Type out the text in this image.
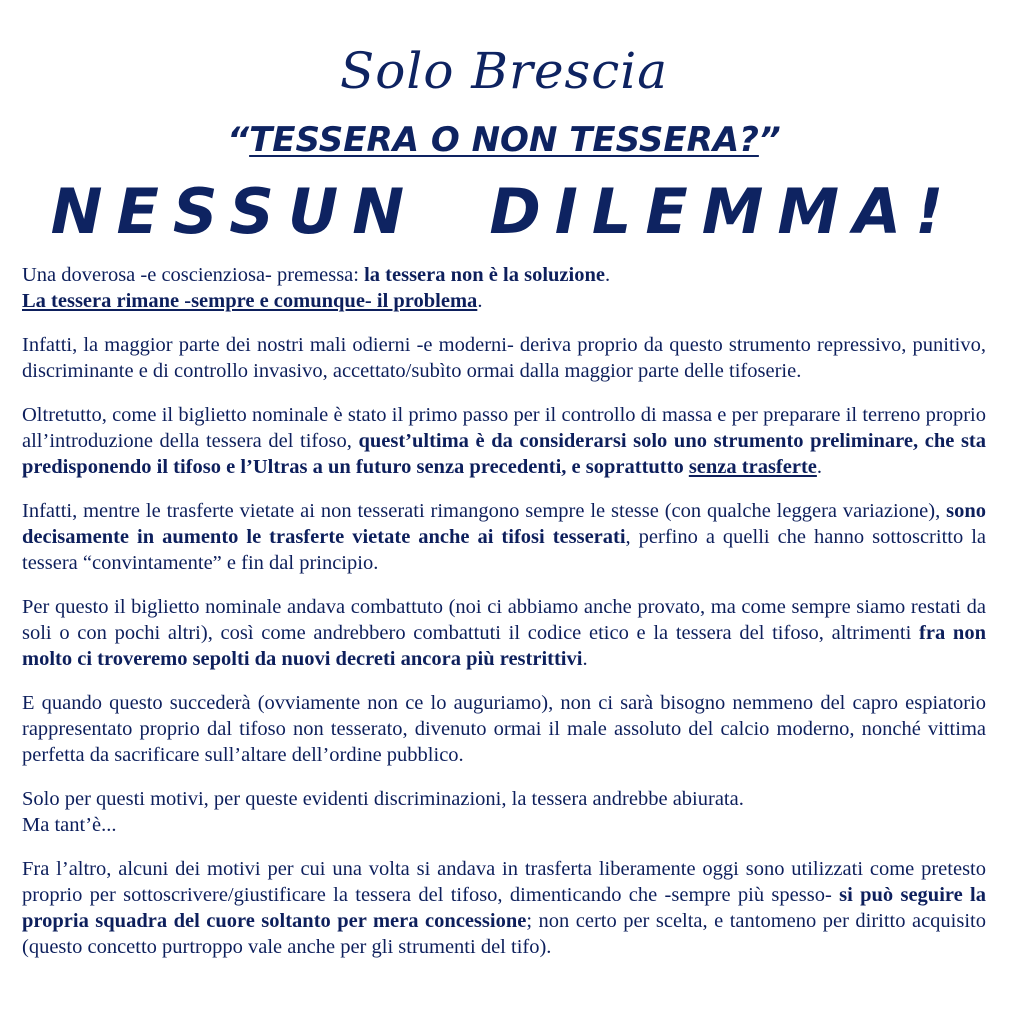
Solo Brescia
“TESSERA O NON TESSERA?”
NESSUN  DILEMMA!

Una doverosa -e coscienziosa- premessa: la tessera non è la soluzione.
La tessera rimane -sempre e comunque- il problema.

Infatti, la maggior parte dei nostri mali odierni -e moderni- deriva proprio da questo strumento repressivo, punitivo, discriminante e di controllo invasivo, accettato/subìto ormai dalla maggior parte delle tifoserie.

Oltretutto, come il biglietto nominale è stato il primo passo per il controllo di massa e per preparare il terreno proprio all’introduzione della tessera del tifoso, quest’ultima è da considerarsi solo uno strumento preliminare, che sta predisponendo il tifoso e l’Ultras a un futuro senza precedenti, e soprattutto senza trasferte.

Infatti, mentre le trasferte vietate ai non tesserati rimangono sempre le stesse (con qualche leggera variazione), sono decisamente in aumento le trasferte vietate anche ai tifosi tesserati, perfino a quelli che hanno sottoscritto la tessera “convintamente” e fin dal principio.

Per questo il biglietto nominale andava combattuto (noi ci abbiamo anche provato, ma come sempre siamo restati da soli o con pochi altri), così come andrebbero combattuti il codice etico e la tessera del tifoso, altrimenti fra non molto ci troveremo sepolti da nuovi decreti ancora più restrittivi.

E quando questo succederà (ovviamente non ce lo auguriamo), non ci sarà bisogno nemmeno del capro espiatorio rappresentato proprio dal tifoso non tesserato, divenuto ormai il male assoluto del calcio moderno, nonché vittima perfetta da sacrificare sull’altare dell’ordine pubblico.

Solo per questi motivi, per queste evidenti discriminazioni, la tessera andrebbe abiurata.
Ma tant’è...

Fra l’altro, alcuni dei motivi per cui una volta si andava in trasferta liberamente oggi sono utilizzati come pretesto proprio per sottoscrivere/giustificare la tessera del tifoso, dimenticando che -sempre più spesso- si può seguire la propria squadra del cuore soltanto per mera concessione; non certo per scelta, e tantomeno per diritto acquisito (questo concetto purtroppo vale anche per gli strumenti del tifo).
